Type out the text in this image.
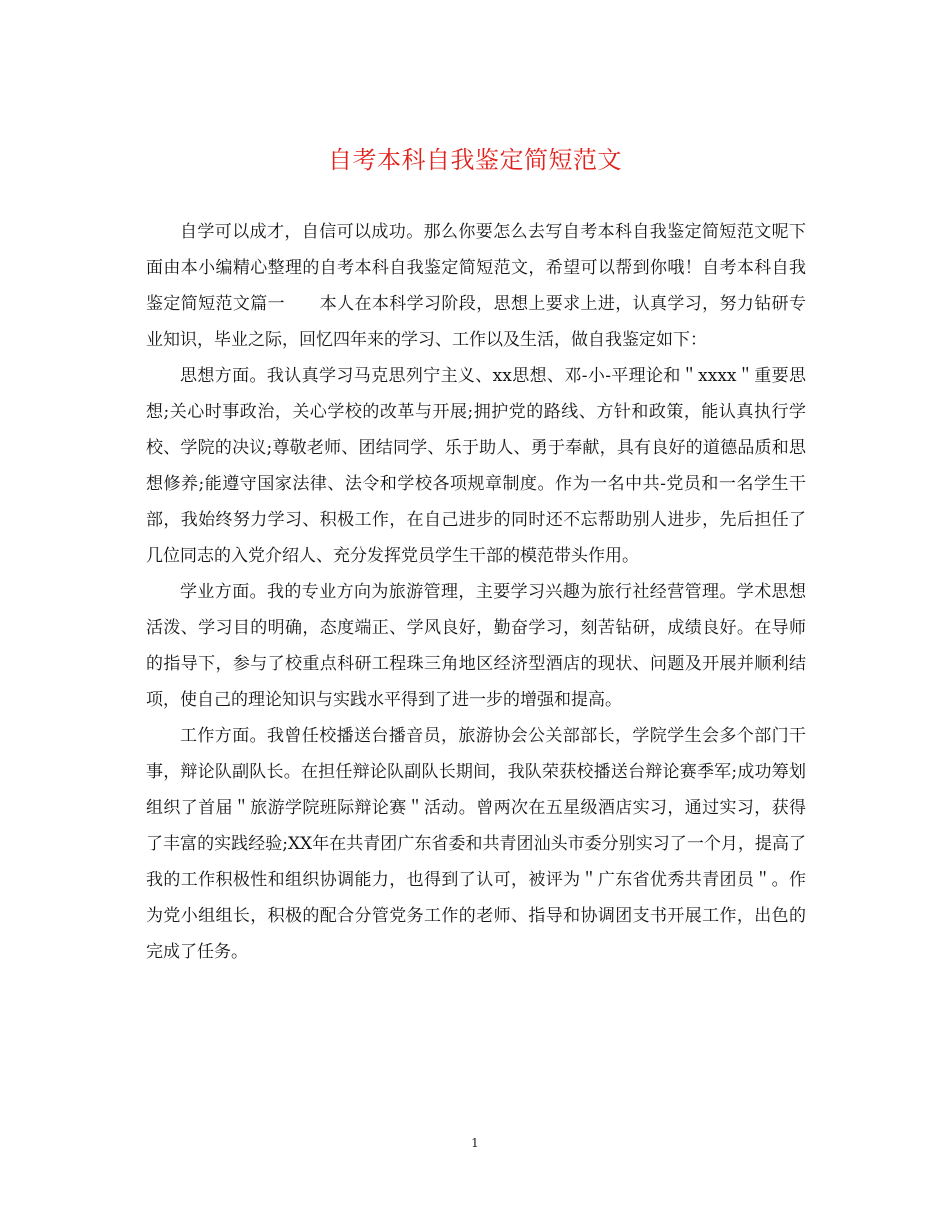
自考本科自我鉴定简短范文

自学可以成才，自信可以成功。那么你要怎么去写自考本科自我鉴定简短范文呢下面由本小编精心整理的自考本科自我鉴定简短范文，希望可以帮到你哦！自考本科自我鉴定简短范文篇一　　本人在本科学习阶段，思想上要求上进，认真学习，努力钻研专业知识，毕业之际，回忆四年来的学习、工作以及生活，做自我鉴定如下：

思想方面。我认真学习马克思列宁主义、xx思想、邓-小-平理论和＂xxxx＂重要思想;关心时事政治，关心学校的改革与开展;拥护党的路线、方针和政策，能认真执行学校、学院的决议;尊敬老师、团结同学、乐于助人、勇于奉献，具有良好的道德品质和思想修养;能遵守国家法律、法令和学校各项规章制度。作为一名中共-党员和一名学生干部，我始终努力学习、积极工作，在自己进步的同时还不忘帮助别人进步，先后担任了几位同志的入党介绍人、充分发挥党员学生干部的模范带头作用。

学业方面。我的专业方向为旅游管理，主要学习兴趣为旅行社经营管理。学术思想活泼、学习目的明确，态度端正、学风良好，勤奋学习，刻苦钻研，成绩良好。在导师的指导下，参与了校重点科研工程珠三角地区经济型酒店的现状、问题及开展并顺利结项，使自己的理论知识与实践水平得到了进一步的增强和提高。

工作方面。我曾任校播送台播音员，旅游协会公关部部长，学院学生会多个部门干事，辩论队副队长。在担任辩论队副队长期间，我队荣获校播送台辩论赛季军;成功筹划组织了首届＂旅游学院班际辩论赛＂活动。曾两次在五星级酒店实习，通过实习，获得了丰富的实践经验;XX年在共青团广东省委和共青团汕头市委分别实习了一个月，提高了我的工作积极性和组织协调能力，也得到了认可，被评为＂广东省优秀共青团员＂。作为党小组组长，积极的配合分管党务工作的老师、指导和协调团支书开展工作，出色的完成了任务。

1
